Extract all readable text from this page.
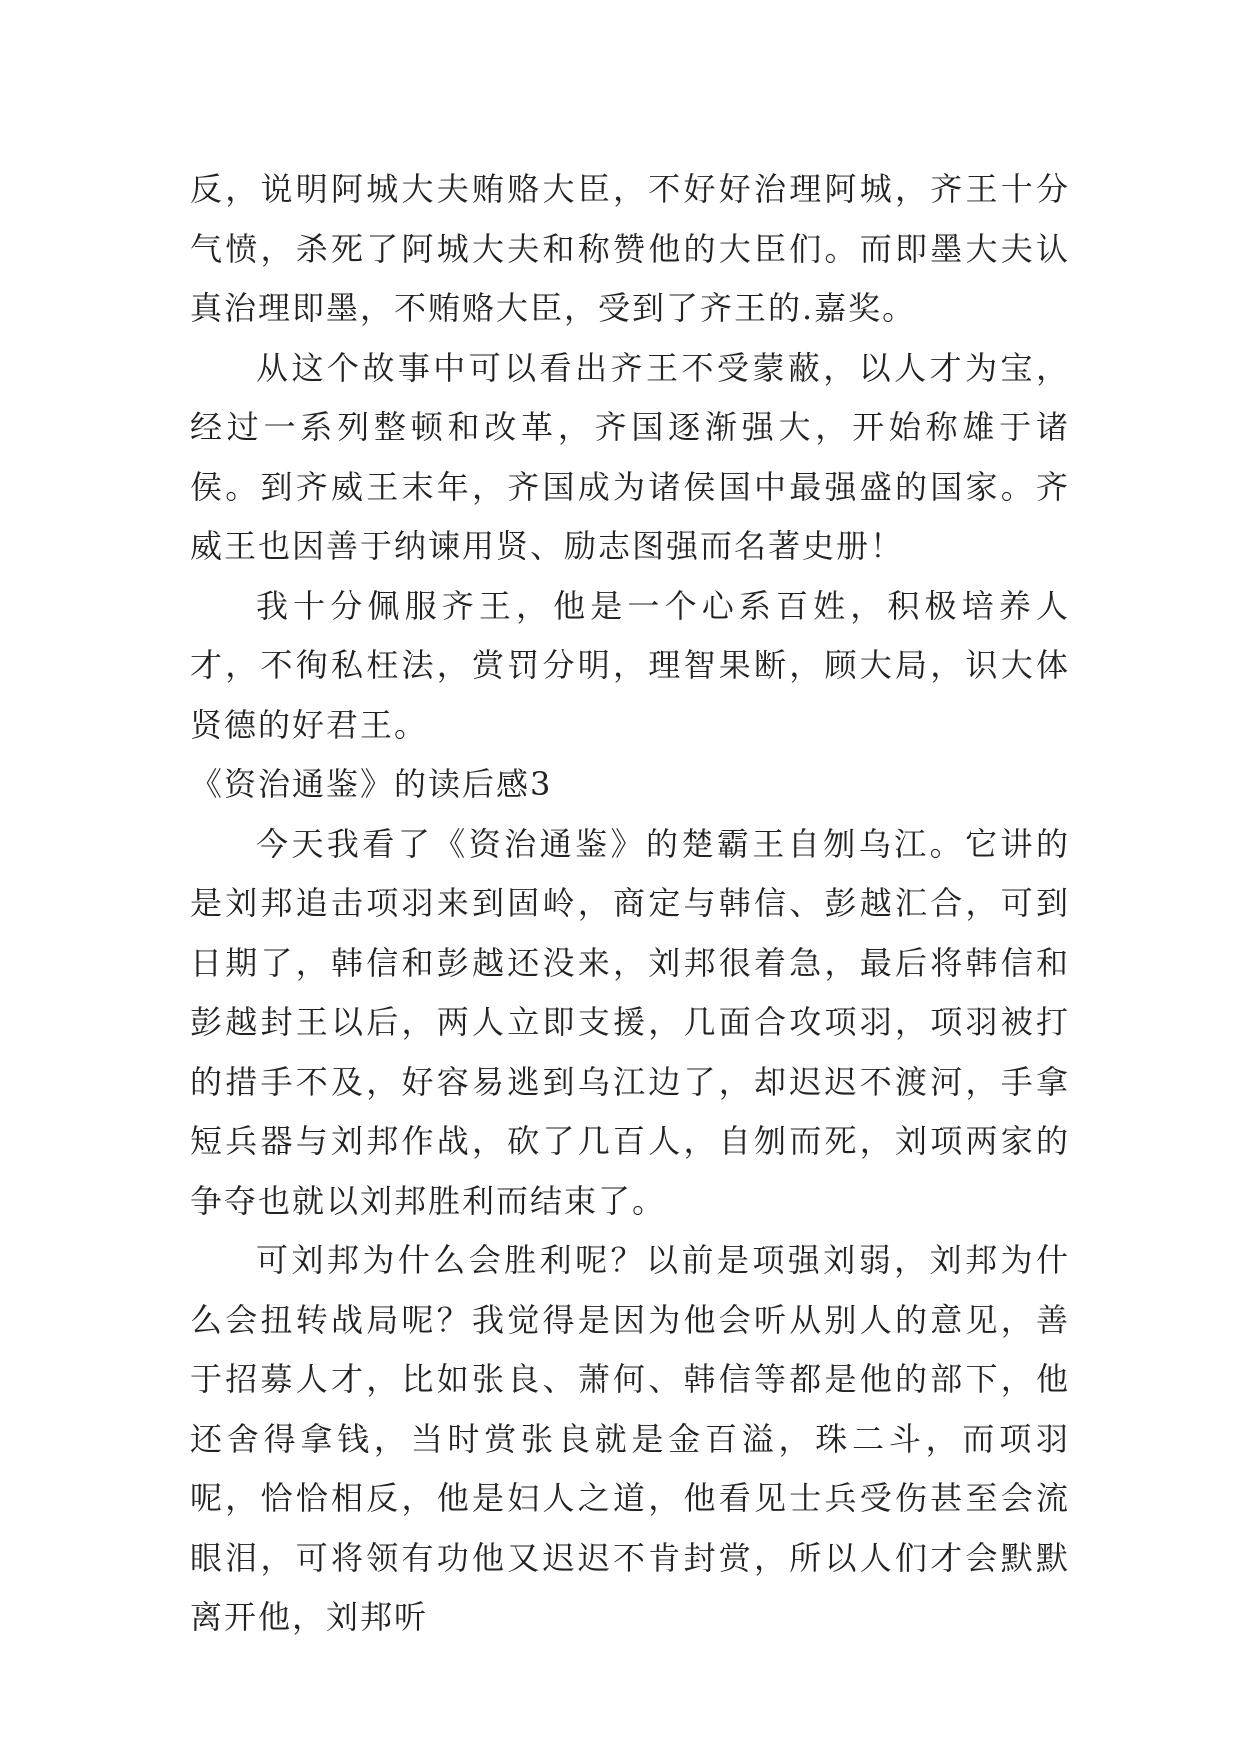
反，说明阿城大夫贿赂大臣，不好好治理阿城，齐王十分气愤，杀死了阿城大夫和称赞他的大臣们。而即墨大夫认真治理即墨，不贿赂大臣，受到了齐王的.嘉奖。

从这个故事中可以看出齐王不受蒙蔽，以人才为宝，经过一系列整顿和改革，齐国逐渐强大，开始称雄于诸侯。到齐威王末年，齐国成为诸侯国中最强盛的国家。齐威王也因善于纳谏用贤、励志图强而名著史册！

我十分佩服齐王，他是一个心系百姓，积极培养人才，不徇私枉法，赏罚分明，理智果断，顾大局，识大体贤德的好君王。

《资治通鉴》的读后感3

今天我看了《资治通鉴》的楚霸王自刎乌江。它讲的是刘邦追击项羽来到固岭，商定与韩信、彭越汇合，可到日期了，韩信和彭越还没来，刘邦很着急，最后将韩信和彭越封王以后，两人立即支援，几面合攻项羽，项羽被打的措手不及，好容易逃到乌江边了，却迟迟不渡河，手拿短兵器与刘邦作战，砍了几百人，自刎而死，刘项两家的争夺也就以刘邦胜利而结束了。

可刘邦为什么会胜利呢？以前是项强刘弱，刘邦为什么会扭转战局呢？我觉得是因为他会听从别人的意见，善于招募人才，比如张良、萧何、韩信等都是他的部下，他还舍得拿钱，当时赏张良就是金百溢，珠二斗，而项羽呢，恰恰相反，他是妇人之道，他看见士兵受伤甚至会流眼泪，可将领有功他又迟迟不肯封赏，所以人们才会默默离开他，刘邦听
